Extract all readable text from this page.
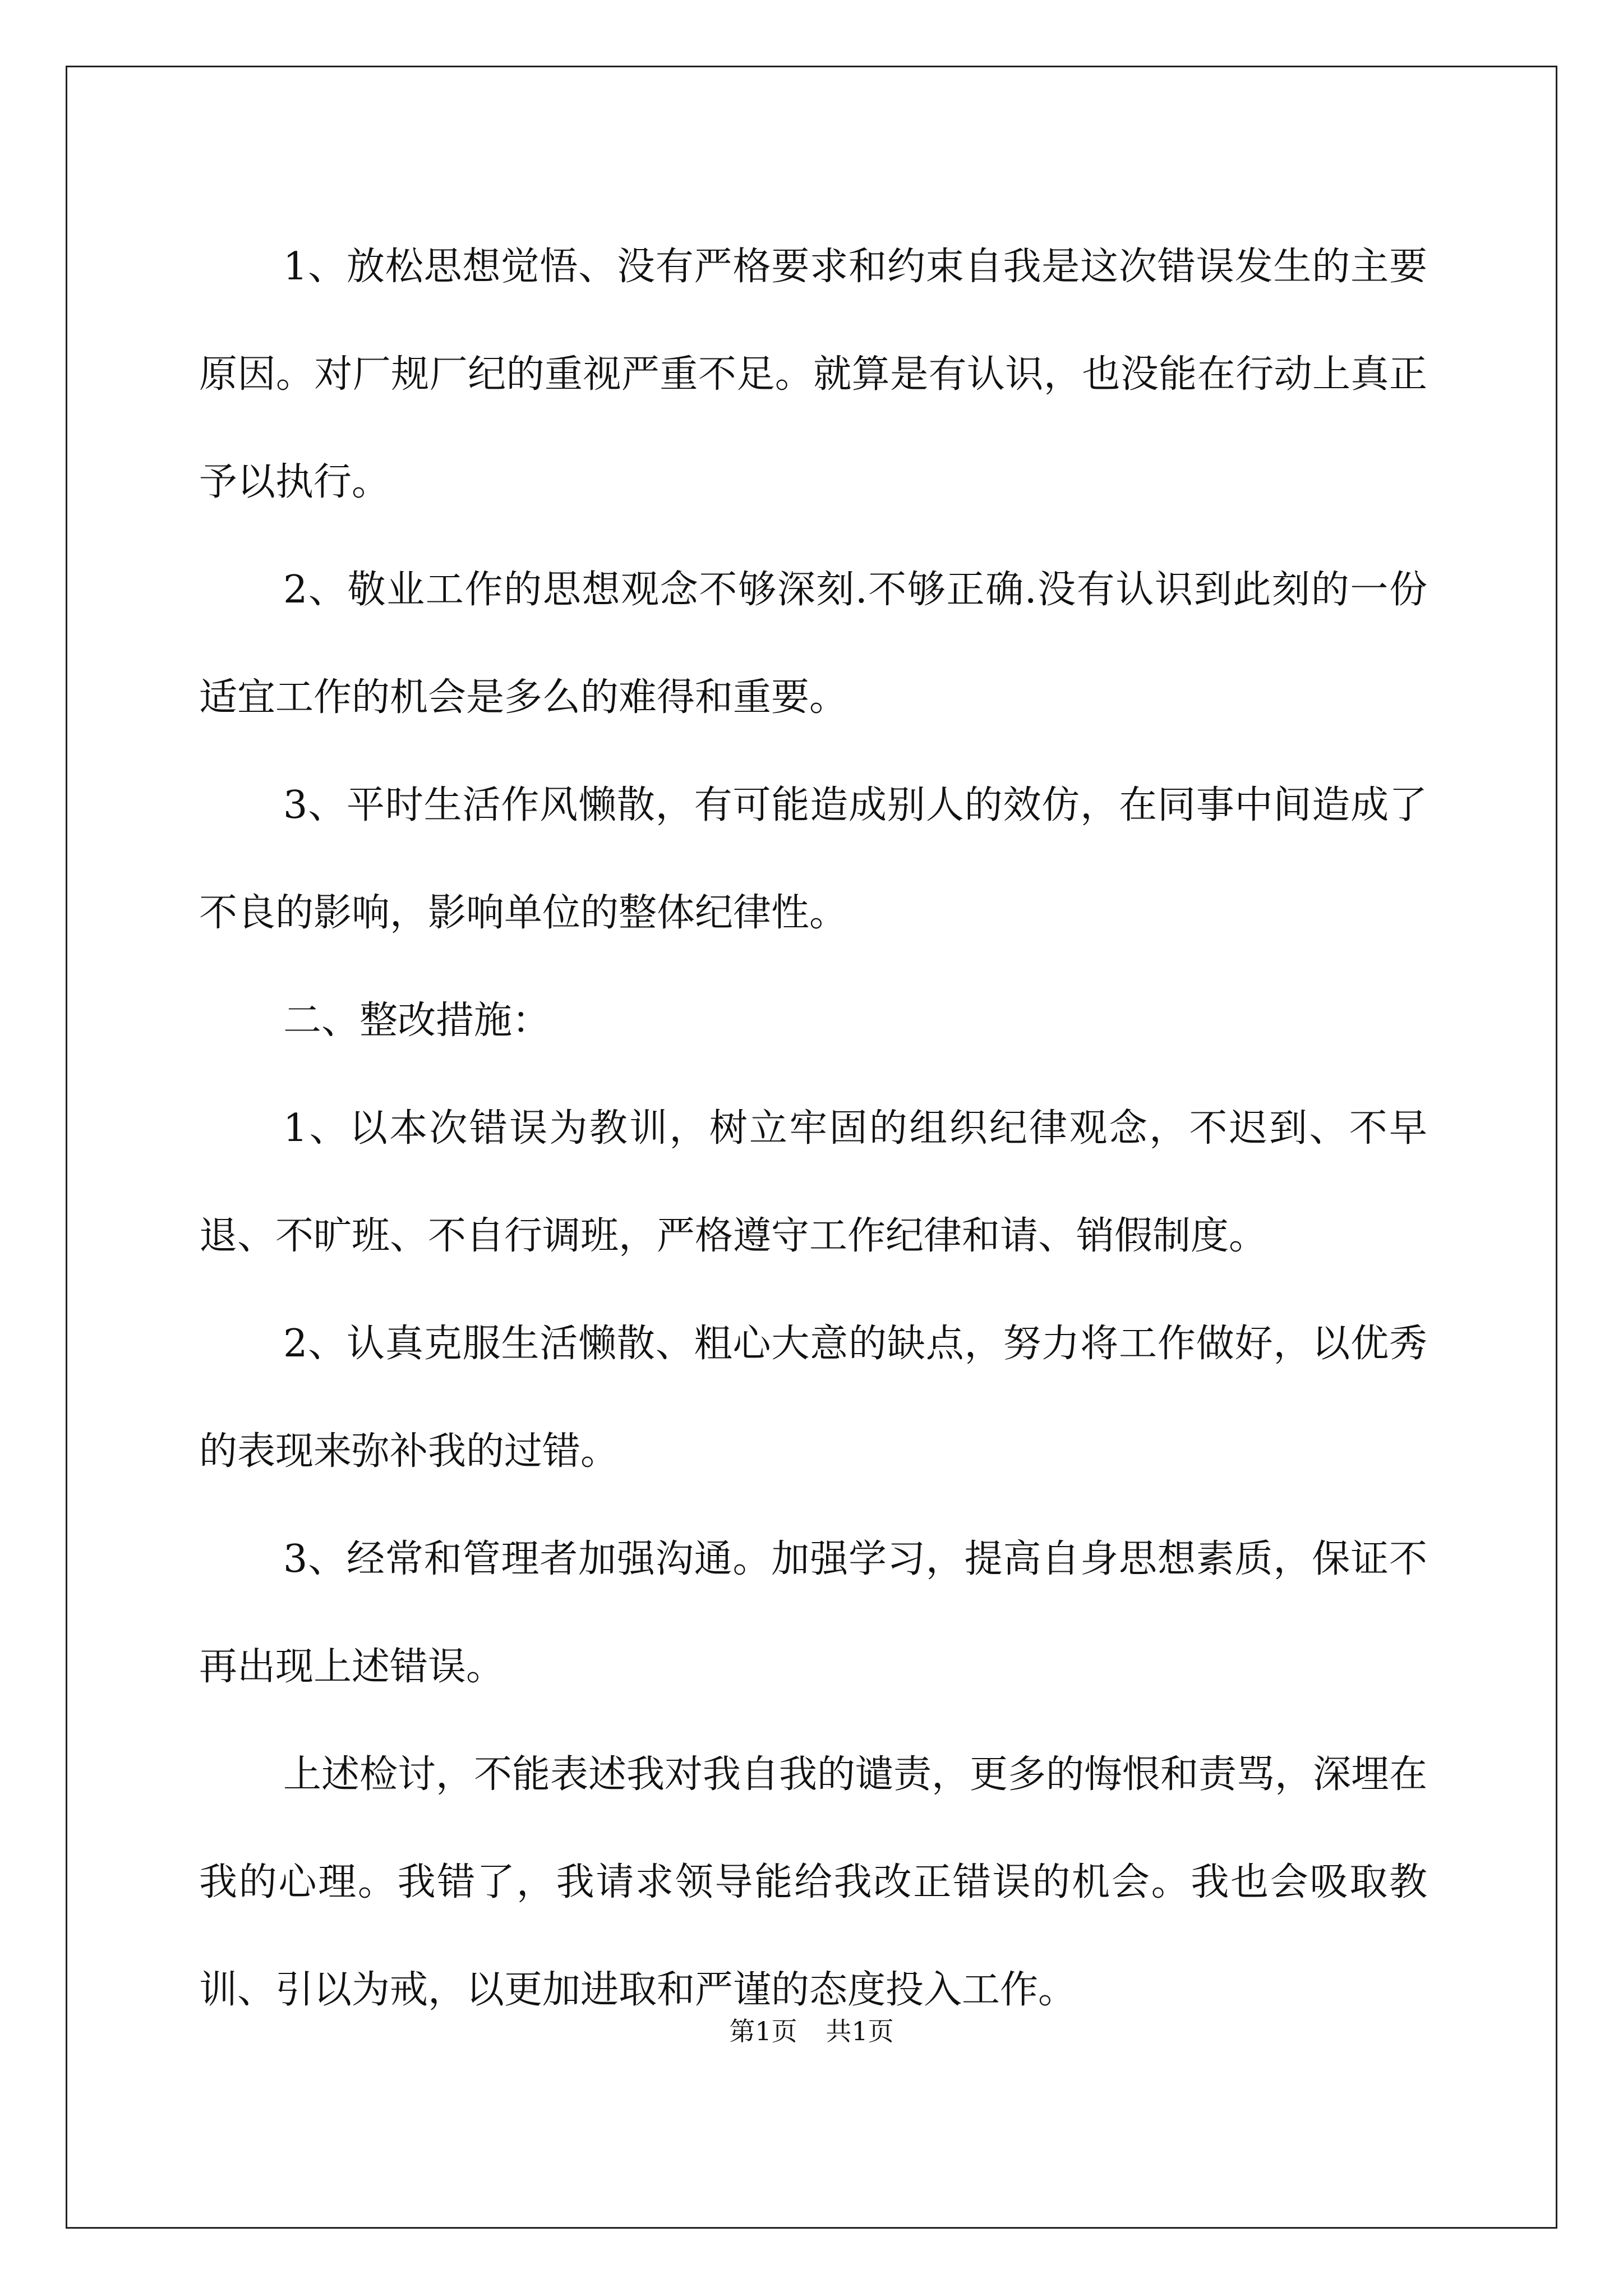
1、放松思想觉悟、没有严格要求和约束自我是这次错误发生的主要原因。对厂规厂纪的重视严重不足。就算是有认识，也没能在行动上真正予以执行。

2、敬业工作的思想观念不够深刻.不够正确.没有认识到此刻的一份适宜工作的机会是多么的难得和重要。

3、平时生活作风懒散，有可能造成别人的效仿，在同事中间造成了不良的影响，影响单位的整体纪律性。

二、整改措施：

1、以本次错误为教训，树立牢固的组织纪律观念，不迟到、不早退、不旷班、不自行调班，严格遵守工作纪律和请、销假制度。

2、认真克服生活懒散、粗心大意的缺点，努力将工作做好，以优秀的表现来弥补我的过错。

3、经常和管理者加强沟通。加强学习，提高自身思想素质，保证不再出现上述错误。

上述检讨，不能表述我对我自我的谴责，更多的悔恨和责骂，深埋在我的心理。我错了，我请求领导能给我改正错误的机会。我也会吸取教训、引以为戒，以更加进取和严谨的态度投入工作。

第1页 共1页
